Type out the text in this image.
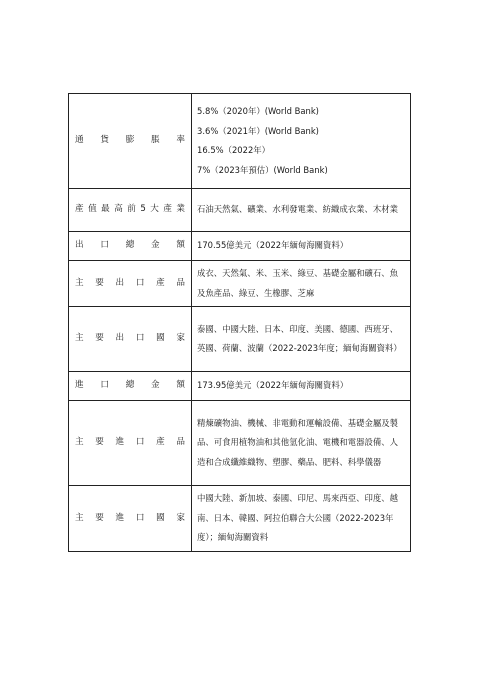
通 貨 膨 脹 率	5.8%（2020年）(World Bank)
3.6%（2021年）(World Bank)
16.5%（2022年）
7%（2023年預估）(World Bank)

產值最高前5大產業	石油天然氣、礦業、水利發電業、紡織成衣業、木材業

出 口 總 金 額	170.55億美元（2022年緬甸海關資料）

主 要 出 口 產 品	成衣、天然氣、米、玉米、綠豆、基礎金屬和礦石、魚及魚產品、綠豆、生橡膠、芝麻

主 要 出 口 國 家	泰國、中國大陸、日本、印度、美國、德國、西班牙、英國、荷蘭、波蘭（2022-2023年度；緬甸海關資料）

進 口 總 金 額	173.95億美元（2022年緬甸海關資料）

主 要 進 口 產 品	精煉礦物油、機械、非電動和運輸設備、基礎金屬及製品、可食用植物油和其他氫化油、電機和電器設備、人造和合成纖維織物、塑膠、藥品、肥料、科學儀器

主 要 進 口 國 家	中國大陸、新加坡、泰國、印尼、馬來西亞、印度、越南、日本、韓國、阿拉伯聯合大公國（2022-2023年度）；緬甸海關資料
